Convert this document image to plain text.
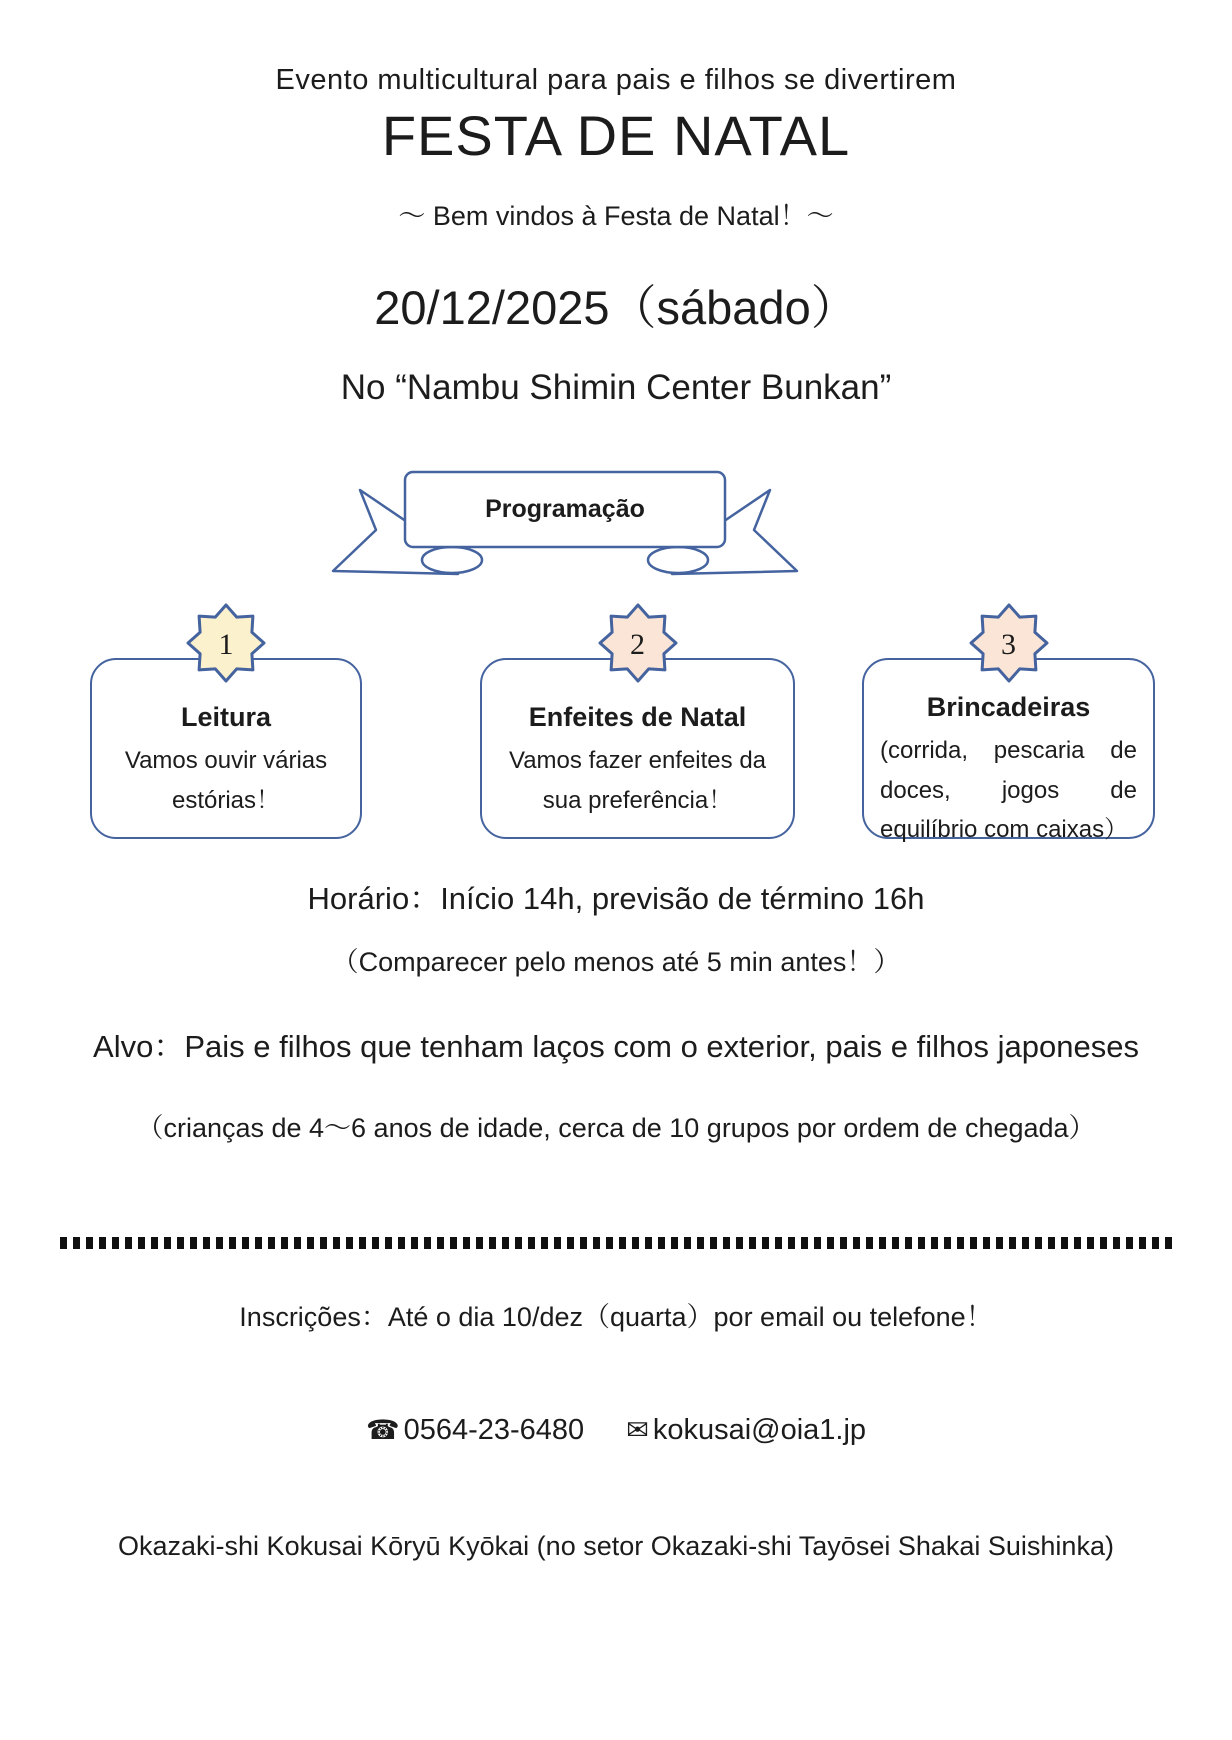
Evento multicultural para pais e filhos se divertirem
FESTA DE NATAL
～ Bem vindos à Festa de Natal！～
20/12/2025（sábado）
No “Nambu Shimin Center Bunkan”
Programação
Leitura
Vamos ouvir várias estórias！
1
Enfeites de Natal
Vamos fazer enfeites da sua preferência！
2
Brincadeiras
(corrida, pescaria de doces, jogos de equilíbrio com caixas）
3
Horário：Início 14h, previsão de término 16h
（Comparecer pelo menos até 5 min antes！）
Alvo：Pais e filhos que tenham laços com o exterior, pais e filhos japoneses
（crianças de 4～6 anos de idade, cerca de 10 grupos por ordem de chegada）
Inscrições：Até o dia 10/dez（quarta）por email ou telefone！
☎ 0564-23-6480 ✉ kokusai@oia1.jp
Okazaki-shi Kokusai Kōryū Kyōkai (no setor Okazaki-shi Tayōsei Shakai Suishinka)
